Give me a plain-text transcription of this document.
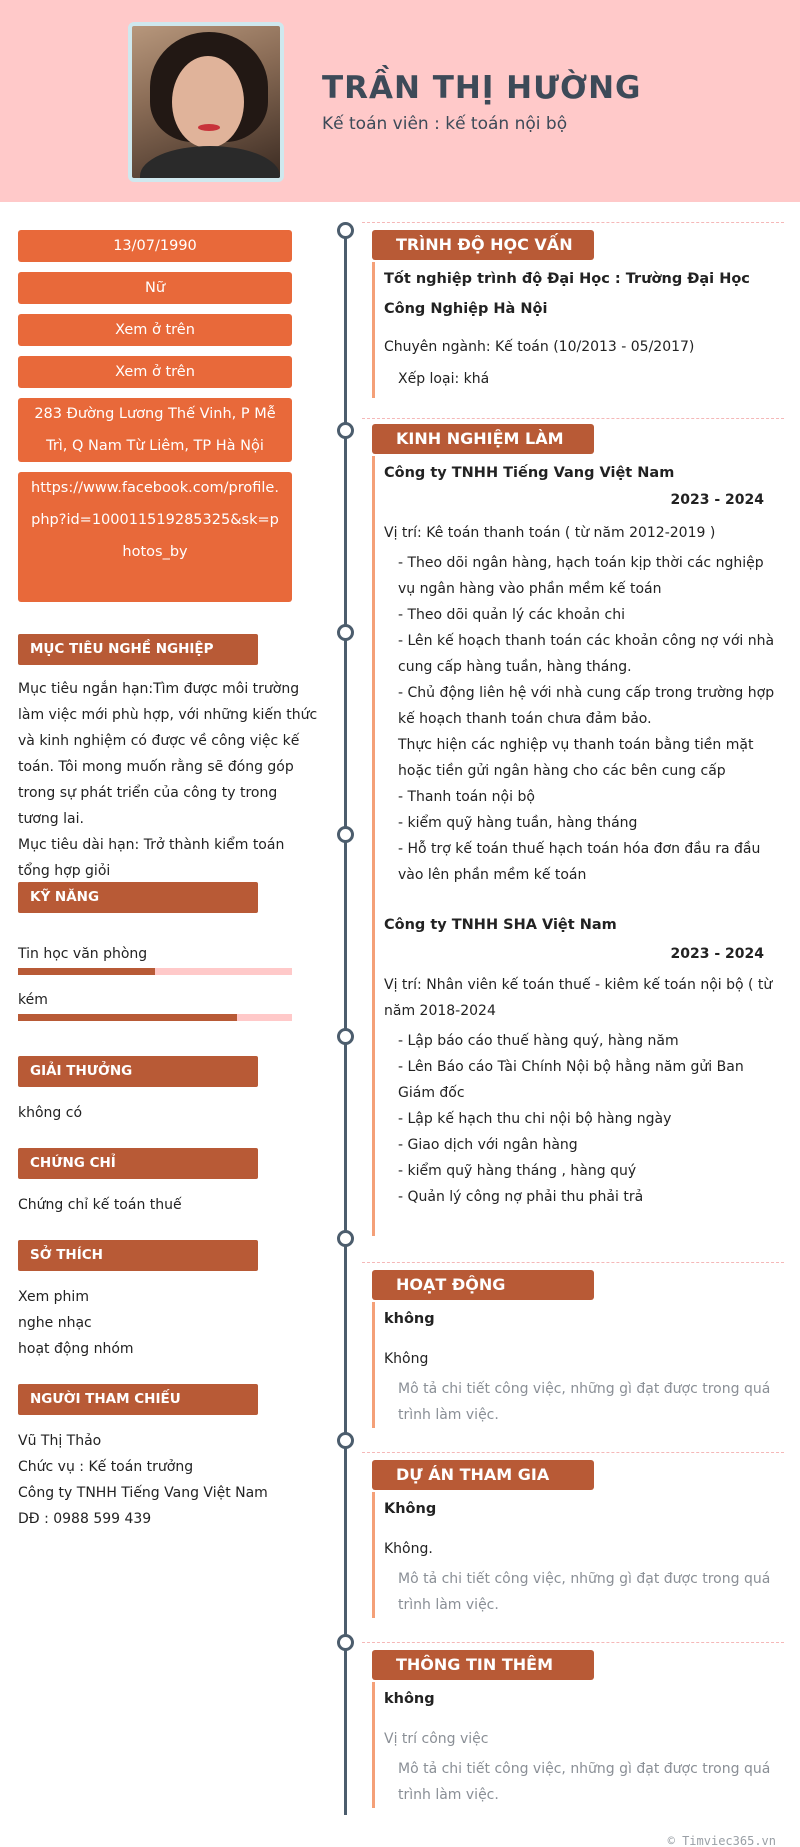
TRẦN THỊ HƯỜNG
Kế toán viên : kế toán nội bộ
13/07/1990
Nữ
Xem ở trên
Xem ở trên
283 Đường Lương Thế Vinh, P Mễ Trì, Q Nam Từ Liêm, TP Hà Nội
https://www.facebook.com/profile.php?id=100011519285325&sk=photos_by
MỤC TIÊU NGHỀ NGHIỆP
Mục tiêu ngắn hạn:Tìm được môi trường làm việc mới phù hợp, với những kiến thức và kinh nghiệm có được về công việc kế toán. Tôi mong muốn rằng sẽ đóng góp trong sự phát triển của công ty trong tương lai.
Mục tiêu dài hạn: Trở thành kiểm toán tổng hợp giỏi
KỸ NĂNG
Tin học văn phòng
kém
GIẢI THƯỞNG
không có
CHỨNG CHỈ
Chứng chỉ kế toán thuế
SỞ THÍCH
Xem phim
nghe nhạc
hoạt động nhóm
NGƯỜI THAM CHIẾU
Vũ Thị Thảo
Chức vụ : Kế toán trưởng
Công ty TNHH Tiếng Vang Việt Nam
DĐ : 0988 599 439
TRÌNH ĐỘ HỌC VẤN
Tốt nghiệp trình độ Đại Học : Trường Đại Học Công Nghiệp Hà Nội
Chuyên ngành: Kế toán (10/2013 - 05/2017)
Xếp loại: khá
KINH NGHIỆM LÀM
Công ty TNHH Tiếng Vang Việt Nam
2023 - 2024
Vị trí: Kê toán thanh toán ( từ năm 2012-2019 )
- Theo dõi ngân hàng, hạch toán kịp thời các nghiệp vụ ngân hàng vào phần mềm kế toán
- Theo dõi quản lý các khoản chi
- Lên kế hoạch thanh toán các khoản công nợ với nhà cung cấp hàng tuần, hàng tháng.
- Chủ động liên hệ với nhà cung cấp trong trường hợp kế hoạch thanh toán chưa đảm bảo.
Thực hiện các nghiệp vụ thanh toán bằng tiền mặt hoặc tiền gửi ngân hàng cho các bên cung cấp
- Thanh toán nội bộ
- kiểm quỹ hàng tuần, hàng tháng
- Hỗ trợ kế toán thuế hạch toán hóa đơn đầu ra đầu vào lên phần mềm kế toán
Công ty TNHH SHA Việt Nam
2023 - 2024
Vị trí: Nhân viên kế toán thuế - kiêm kế toán nội bộ ( từ năm 2018-2024
- Lập báo cáo thuế hàng quý, hàng năm
- Lên Báo cáo Tài Chính Nội bộ hằng năm gửi Ban Giám đốc
- Lập kế hạch thu chi nội bộ hàng ngày
- Giao dịch với ngân hàng
- kiểm quỹ hàng tháng , hàng quý
- Quản lý công nợ phải thu phải trả
HOẠT ĐỘNG
không
Không
Mô tả chi tiết công việc, những gì đạt được trong quá trình làm việc.
DỰ ÁN THAM GIA
Không
Không.
Mô tả chi tiết công việc, những gì đạt được trong quá trình làm việc.
THÔNG TIN THÊM
không
Vị trí công việc
Mô tả chi tiết công việc, những gì đạt được trong quá trình làm việc.
© Timviec365.vn
